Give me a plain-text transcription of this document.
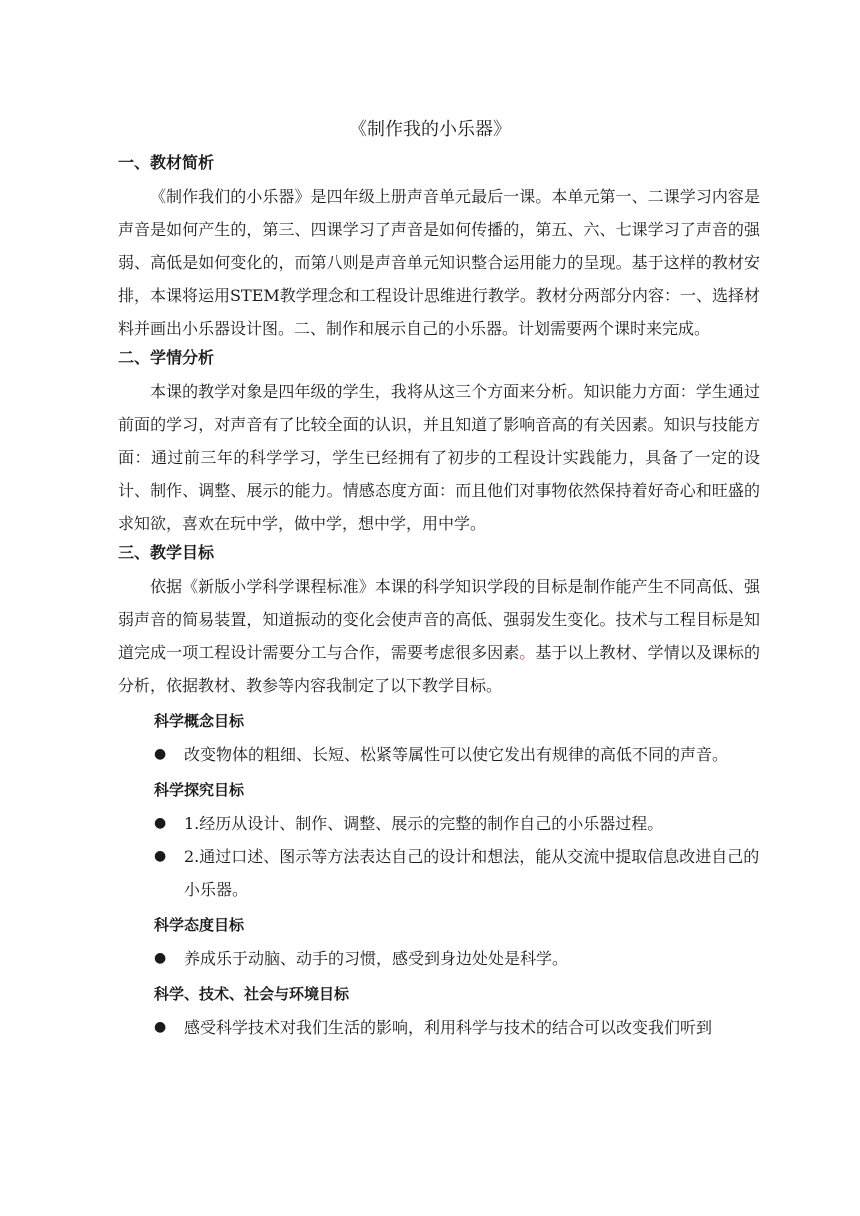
《制作我的小乐器》
一、教材简析

《制作我们的小乐器》是四年级上册声音单元最后一课。本单元第一、二课学习内容是声音是如何产生的，第三、四课学习了声音是如何传播的，第五、六、七课学习了声音的强弱、高低是如何变化的，而第八则是声音单元知识整合运用能力的呈现。基于这样的教材安排，本课将运用STEM教学理念和工程设计思维进行教学。教材分两部分内容：一、选择材料并画出小乐器设计图。二、制作和展示自己的小乐器。计划需要两个课时来完成。

二、学情分析

本课的教学对象是四年级的学生，我将从这三个方面来分析。知识能力方面：学生通过前面的学习，对声音有了比较全面的认识，并且知道了影响音高的有关因素。知识与技能方面：通过前三年的科学学习，学生已经拥有了初步的工程设计实践能力，具备了一定的设计、制作、调整、展示的能力。情感态度方面：而且他们对事物依然保持着好奇心和旺盛的求知欲，喜欢在玩中学，做中学，想中学，用中学。

三、教学目标

依据《新版小学科学课程标准》本课的科学知识学段的目标是制作能产生不同高低、强弱声音的简易装置，知道振动的变化会使声音的高低、强弱发生变化。技术与工程目标是知道完成一项工程设计需要分工与合作，需要考虑很多因素。基于以上教材、学情以及课标的分析，依据教材、教参等内容我制定了以下教学目标。

科学概念目标

● 改变物体的粗细、长短、松紧等属性可以使它发出有规律的高低不同的声音。

科学探究目标

● 1.经历从设计、制作、调整、展示的完整的制作自己的小乐器过程。

● 2.通过口述、图示等方法表达自己的设计和想法，能从交流中提取信息改进自己的小乐器。

科学态度目标

● 养成乐于动脑、动手的习惯，感受到身边处处是科学。

科学、技术、社会与环境目标

● 感受科学技术对我们生活的影响，利用科学与技术的结合可以改变我们听到
